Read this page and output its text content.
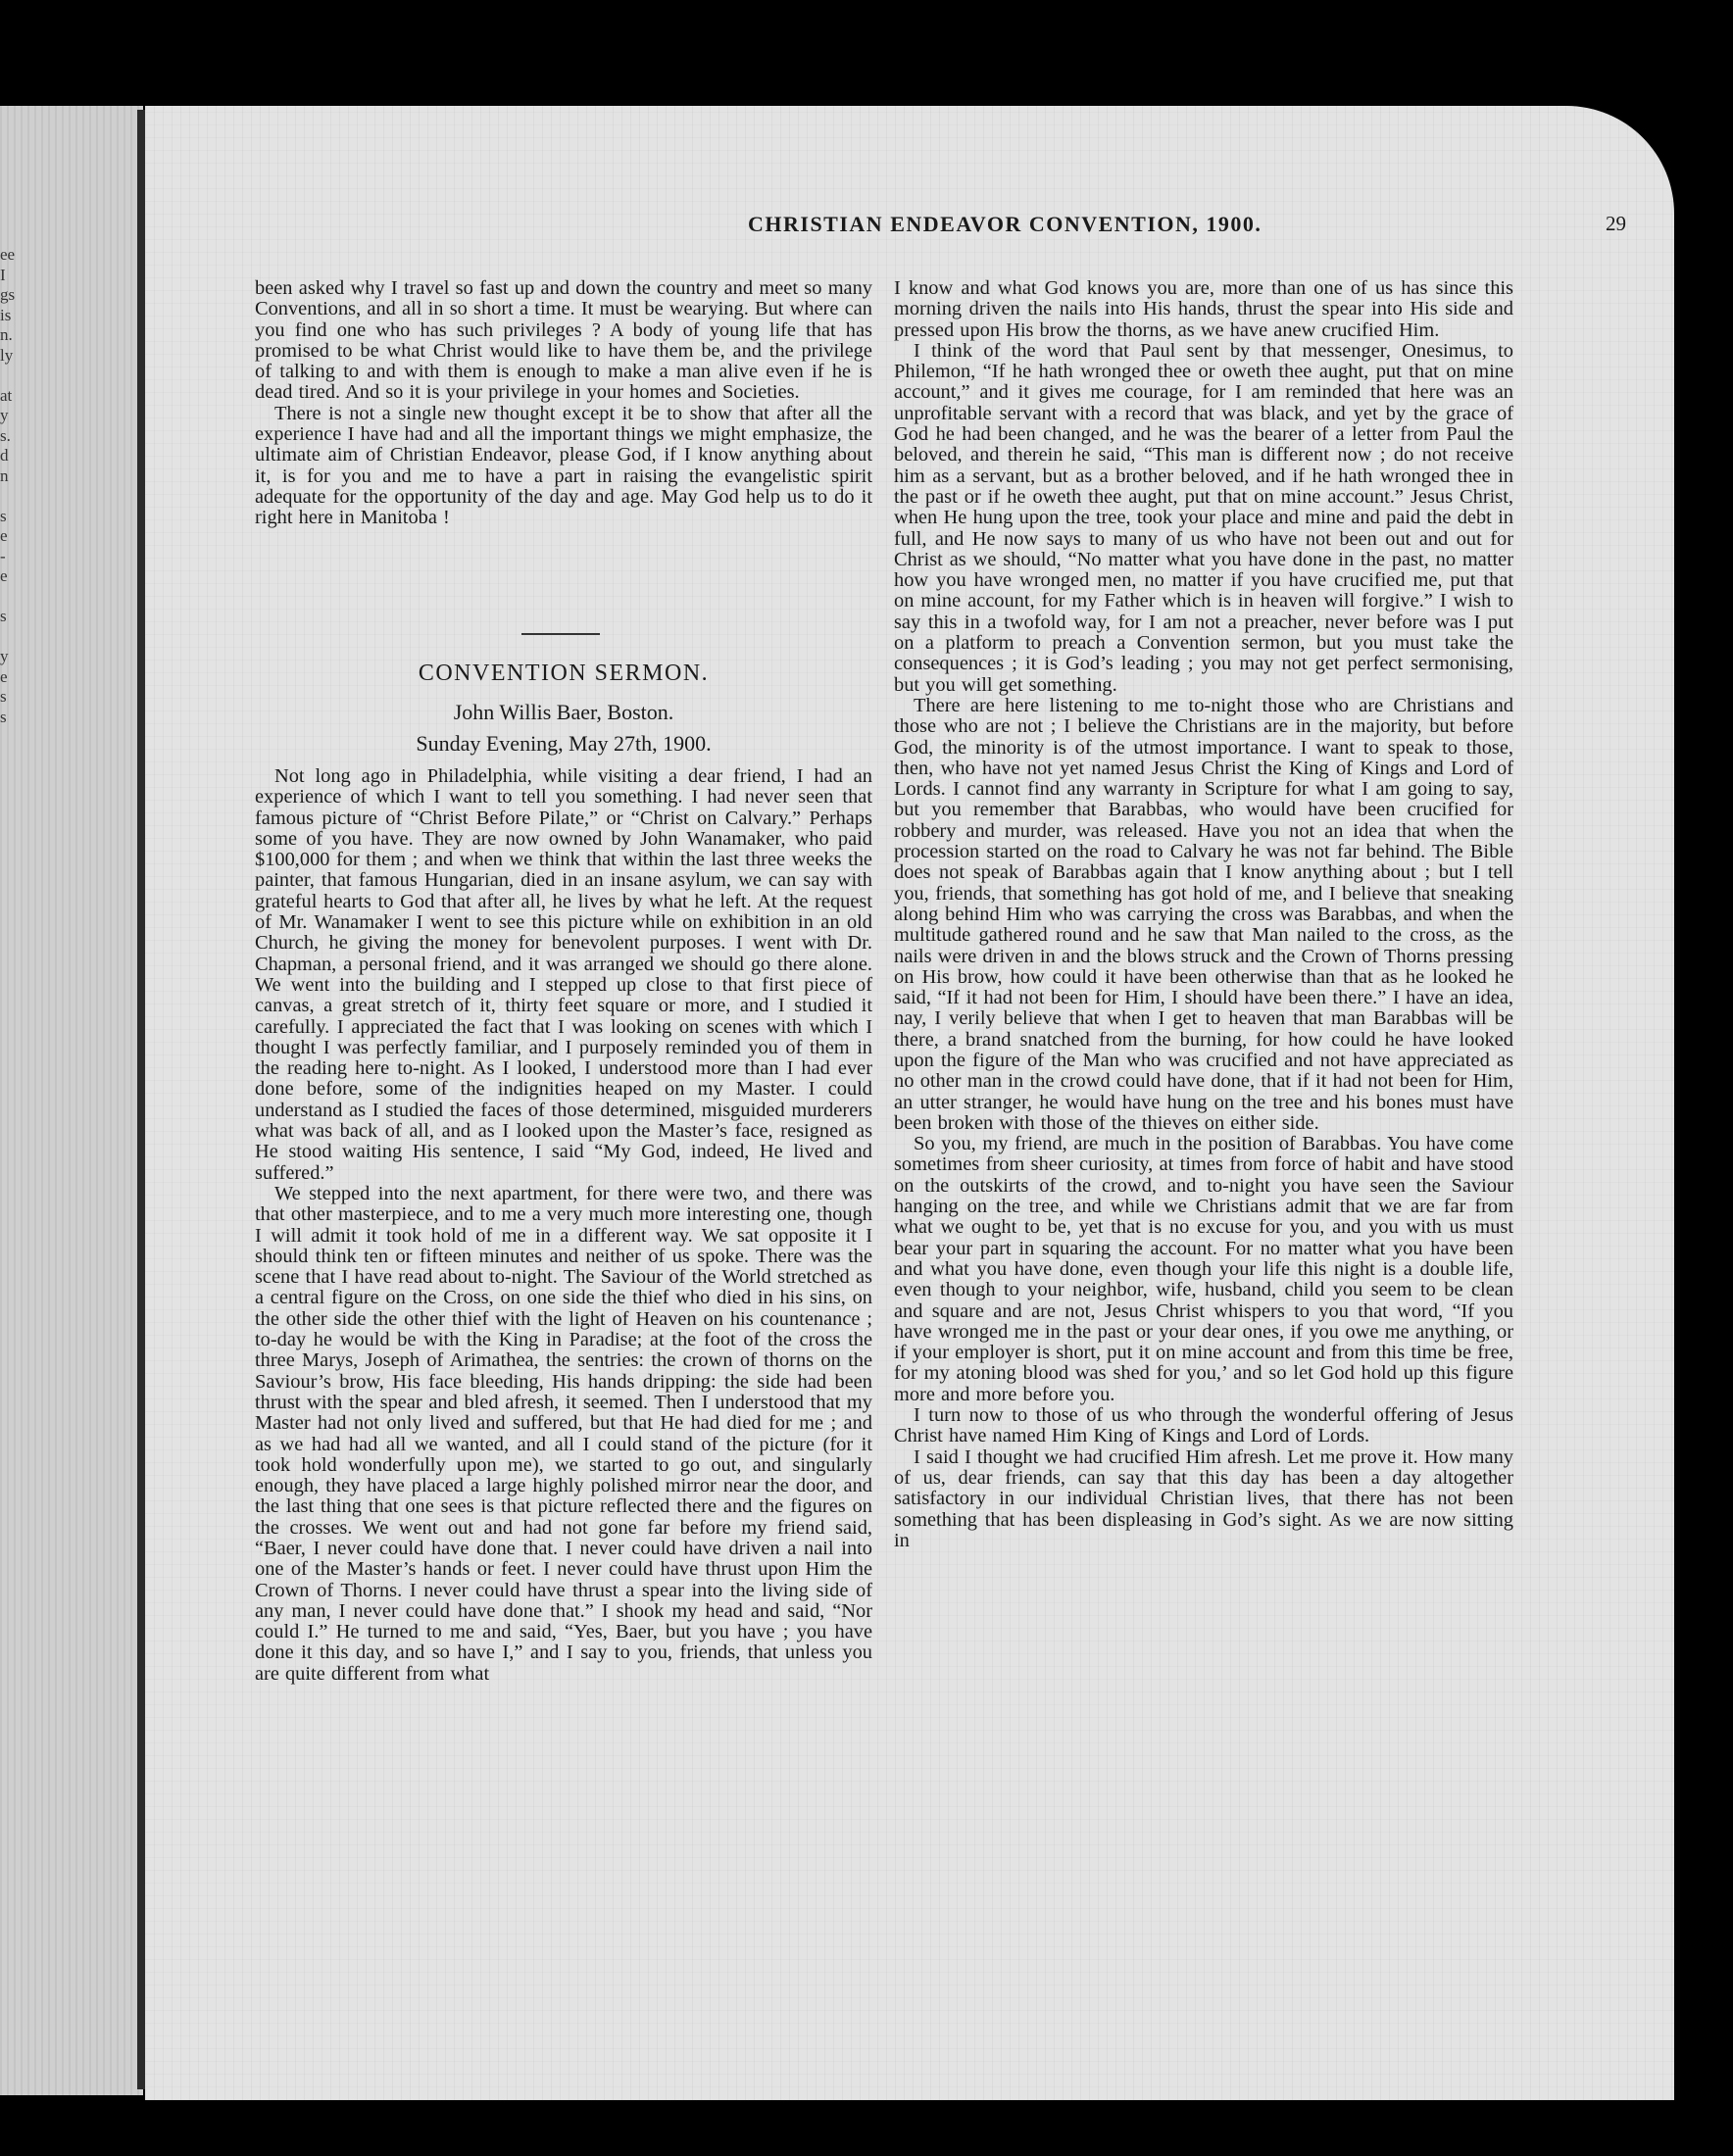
ee
I
gs
is
n.
ly

at
y
s.
d
n

s
e
-
e

s

y
e
s
s
CHRISTIAN ENDEAVOR CONVENTION, 1900.	29

been asked why I travel so fast up and down the country and meet so many Conventions, and all in so short a time. It must be wearying. But where can you find one who has such privileges ? A body of young life that has promised to be what Christ would like to have them be, and the privilege of talking to and with them is enough to make a man alive even if he is dead tired. And so it is your privilege in your homes and Societies.

There is not a single new thought except it be to show that after all the experience I have had and all the important things we might emphasize, the ultimate aim of Christian Endeavor, please God, if I know anything about it, is for you and me to have a part in raising the evangelistic spirit adequate for the opportunity of the day and age. May God help us to do it right here in Manitoba !

CONVENTION SERMON.
John Willis Baer, Boston.
Sunday Evening, May 27th, 1900.

Not long ago in Philadelphia, while visiting a dear friend, I had an experience of which I want to tell you something. I had never seen that famous picture of “Christ Before Pilate,” or “Christ on Calvary.” Perhaps some of you have. They are now owned by John Wanamaker, who paid $100,000 for them ; and when we think that within the last three weeks the painter, that famous Hungarian, died in an insane asylum, we can say with grateful hearts to God that after all, he lives by what he left. At the request of Mr. Wanamaker I went to see this picture while on exhibition in an old Church, he giving the money for benevolent purposes. I went with Dr. Chapman, a personal friend, and it was arranged we should go there alone. We went into the building and I stepped up close to that first piece of canvas, a great stretch of it, thirty feet square or more, and I studied it carefully. I appreciated the fact that I was looking on scenes with which I thought I was perfectly familiar, and I purposely reminded you of them in the reading here to-night. As I looked, I understood more than I had ever done before, some of the indignities heaped on my Master. I could understand as I studied the faces of those determined, misguided murderers what was back of all, and as I looked upon the Master’s face, resigned as He stood waiting His sentence, I said “My God, indeed, He lived and suffered.”

We stepped into the next apartment, for there were two, and there was that other masterpiece, and to me a very much more interesting one, though I will admit it took hold of me in a different way. We sat opposite it I should think ten or fifteen minutes and neither of us spoke. There was the scene that I have read about to-night. The Saviour of the World stretched as a central figure on the Cross, on one side the thief who died in his sins, on the other side the other thief with the light of Heaven on his countenance ; to-day he would be with the King in Paradise; at the foot of the cross the three Marys, Joseph of Arimathea, the sentries: the crown of thorns on the Saviour’s brow, His face bleeding, His hands dripping: the side had been thrust with the spear and bled afresh, it seemed. Then I understood that my Master had not only lived and suffered, but that He had died for me ; and as we had had all we wanted, and all I could stand of the picture (for it took hold wonderfully upon me), we started to go out, and singularly enough, they have placed a large highly polished mirror near the door, and the last thing that one sees is that picture reflected there and the figures on the crosses. We went out and had not gone far before my friend said, “Baer, I never could have done that. I never could have driven a nail into one of the Master’s hands or feet. I never could have thrust upon Him the Crown of Thorns. I never could have thrust a spear into the living side of any man, I never could have done that.” I shook my head and said, “Nor could I.” He turned to me and said, “Yes, Baer, but you have ; you have done it this day, and so have I,” and I say to you, friends, that unless you are quite different from what

I know and what God knows you are, more than one of us has since this morning driven the nails into His hands, thrust the spear into His side and pressed upon His brow the thorns, as we have anew crucified Him.

I think of the word that Paul sent by that messenger, Onesimus, to Philemon, “If he hath wronged thee or oweth thee aught, put that on mine account,” and it gives me courage, for I am reminded that here was an unprofitable servant with a record that was black, and yet by the grace of God he had been changed, and he was the bearer of a letter from Paul the beloved, and therein he said, “This man is different now ; do not receive him as a servant, but as a brother beloved, and if he hath wronged thee in the past or if he oweth thee aught, put that on mine account.” Jesus Christ, when He hung upon the tree, took your place and mine and paid the debt in full, and He now says to many of us who have not been out and out for Christ as we should, “No matter what you have done in the past, no matter how you have wronged men, no matter if you have crucified me, put that on mine account, for my Father which is in heaven will forgive.” I wish to say this in a twofold way, for I am not a preacher, never before was I put on a platform to preach a Convention sermon, but you must take the consequences ; it is God’s leading ; you may not get perfect sermonising, but you will get something.

There are here listening to me to-night those who are Christians and those who are not ; I believe the Christians are in the majority, but before God, the minority is of the utmost importance. I want to speak to those, then, who have not yet named Jesus Christ the King of Kings and Lord of Lords. I cannot find any warranty in Scripture for what I am going to say, but you remember that Barabbas, who would have been crucified for robbery and murder, was released. Have you not an idea that when the procession started on the road to Calvary he was not far behind. The Bible does not speak of Barabbas again that I know anything about ; but I tell you, friends, that something has got hold of me, and I believe that sneaking along behind Him who was carrying the cross was Barabbas, and when the multitude gathered round and he saw that Man nailed to the cross, as the nails were driven in and the blows struck and the Crown of Thorns pressing on His brow, how could it have been otherwise than that as he looked he said, “If it had not been for Him, I should have been there.” I have an idea, nay, I verily believe that when I get to heaven that man Barabbas will be there, a brand snatched from the burning, for how could he have looked upon the figure of the Man who was crucified and not have appreciated as no other man in the crowd could have done, that if it had not been for Him, an utter stranger, he would have hung on the tree and his bones must have been broken with those of the thieves on either side.

So you, my friend, are much in the position of Barabbas. You have come sometimes from sheer curiosity, at times from force of habit and have stood on the outskirts of the crowd, and to-night you have seen the Saviour hanging on the tree, and while we Christians admit that we are far from what we ought to be, yet that is no excuse for you, and you with us must bear your part in squaring the account. For no matter what you have been and what you have done, even though your life this night is a double life, even though to your neighbor, wife, husband, child you seem to be clean and square and are not, Jesus Christ whispers to you that word, “If you have wronged me in the past or your dear ones, if you owe me anything, or if your employer is short, put it on mine account and from this time be free, for my atoning blood was shed for you,’ and so let God hold up this figure more and more before you.

I turn now to those of us who through the wonderful offering of Jesus Christ have named Him King of Kings and Lord of Lords.

I said I thought we had crucified Him afresh. Let me prove it. How many of us, dear friends, can say that this day has been a day altogether satisfactory in our individual Christian lives, that there has not been something that has been displeasing in God’s sight. As we are now sitting in
